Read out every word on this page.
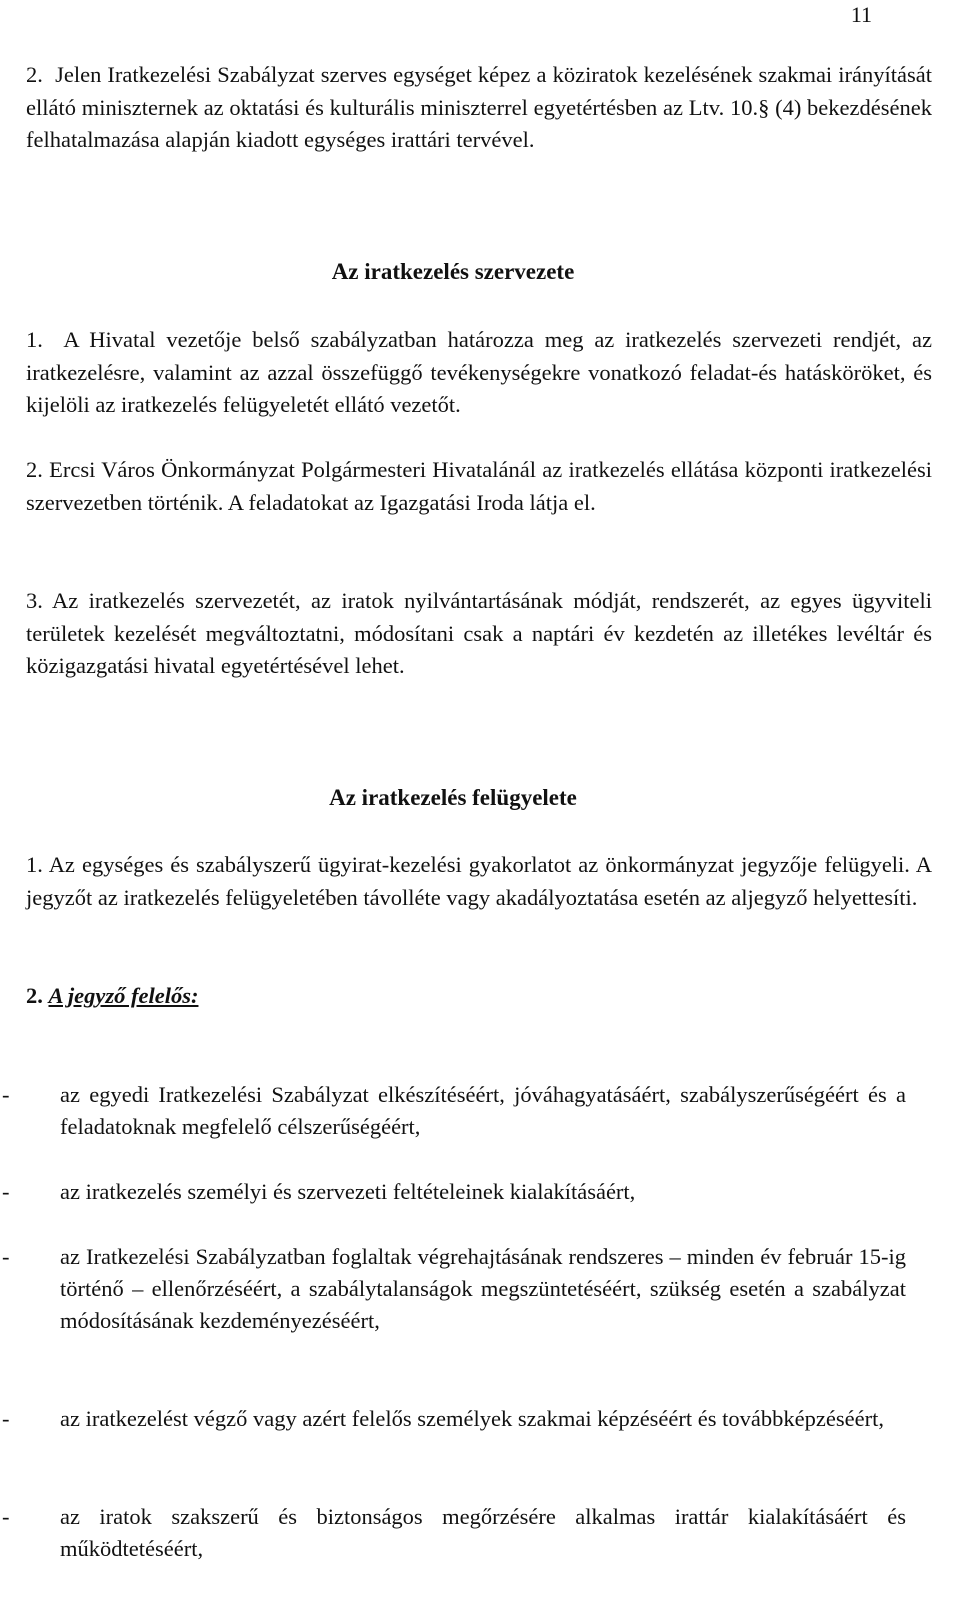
11

2. Jelen Iratkezelési Szabályzat szerves egységet képez a köziratok kezelésének szakmai irányítását ellátó miniszternek az oktatási és kulturális miniszterrel egyetértésben az Ltv. 10.§ (4) bekezdésének felhatalmazása alapján kiadott egységes irattári tervével.

Az iratkezelés szervezete

1. A Hivatal vezetője belső szabályzatban határozza meg az iratkezelés szervezeti rendjét, az iratkezelésre, valamint az azzal összefüggő tevékenységekre vonatkozó feladat-és hatásköröket, és kijelöli az iratkezelés felügyeletét ellátó vezetőt.

2. Ercsi Város Önkormányzat Polgármesteri Hivatalánál az iratkezelés ellátása központi iratkezelési szervezetben történik. A feladatokat az Igazgatási Iroda látja el.

3. Az iratkezelés szervezetét, az iratok nyilvántartásának módját, rendszerét, az egyes ügyviteli területek kezelését megváltoztatni, módosítani csak a naptári év kezdetén az illetékes levéltár és közigazgatási hivatal egyetértésével lehet.

Az iratkezelés felügyelete

1. Az egységes és szabályszerű ügyirat-kezelési gyakorlatot az önkormányzat jegyzője felügyeli. A jegyzőt az iratkezelés felügyeletében távolléte vagy akadályoztatása esetén az aljegyző helyettesíti.

2. A jegyző felelős:
- az egyedi Iratkezelési Szabályzat elkészítéséért, jóváhagyatásáért, szabályszerűségéért és a feladatoknak megfelelő célszerűségéért,

- az iratkezelés személyi és szervezeti feltételeinek kialakításáért,

- az Iratkezelési Szabályzatban foglaltak végrehajtásának rendszeres – minden év február 15-ig történő – ellenőrzéséért, a szabálytalanságok megszüntetéséért, szükség esetén a szabályzat módosításának kezdeményezéséért,

- az iratkezelést végző vagy azért felelős személyek szakmai képzéséért és továbbképzéséért,

- az iratok szakszerű és biztonságos megőrzésére alkalmas irattár kialakításáért és működtetéséért,
